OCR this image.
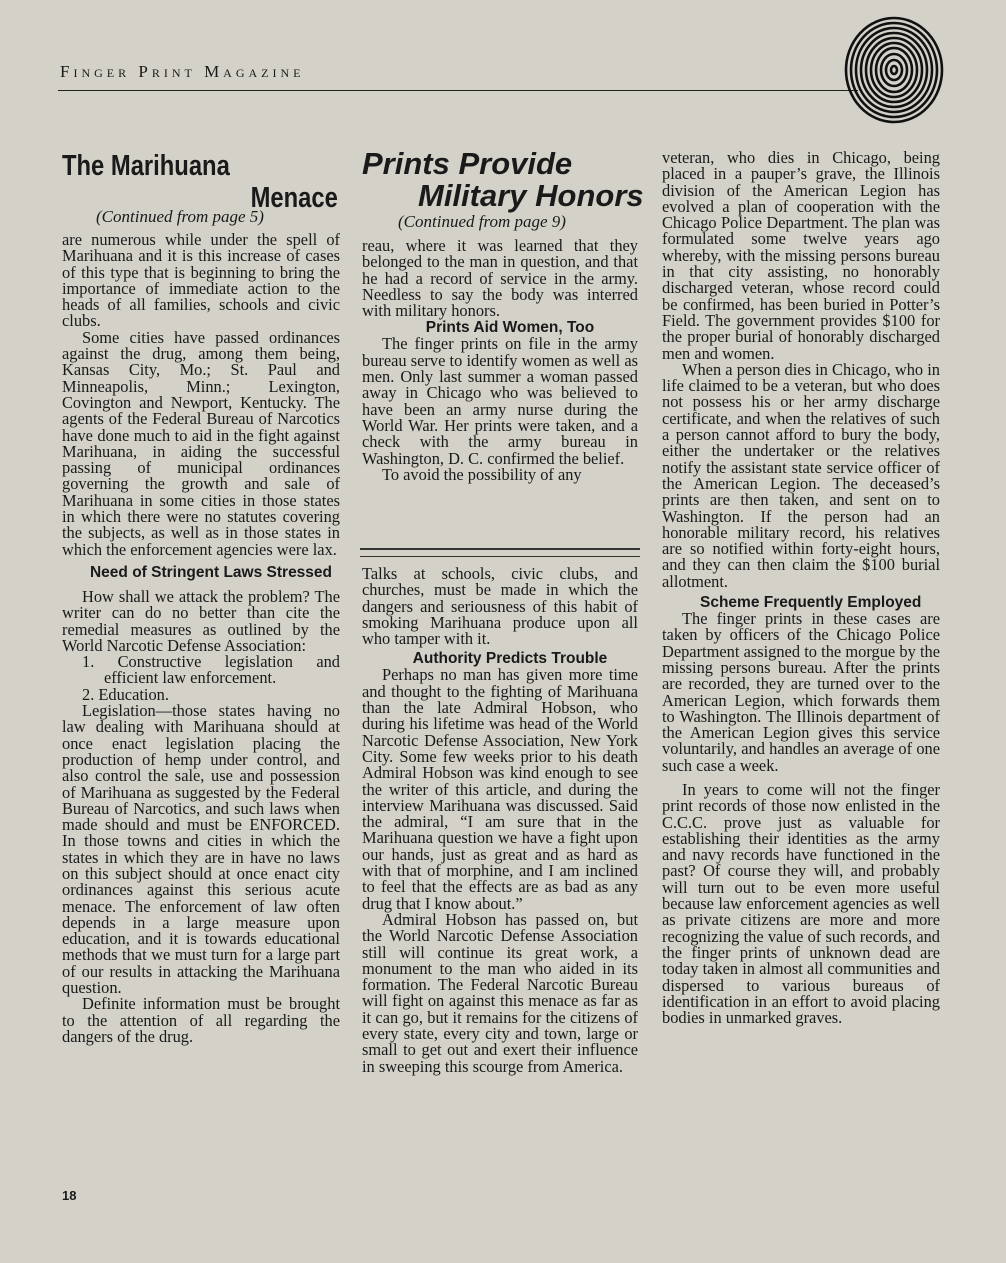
Finger Print Magazine
The Marihuana
Menace
(Continued from page 5)
Prints Provide

Military Honors
(Continued from page 9)

are numerous while under the spell of Marihuana and it is this increase of cases of this type that is beginning to bring the importance of immediate action to the heads of all families, schools and civic clubs.

Some cities have passed ordinances against the drug, among them being, Kansas City, Mo.; St. Paul and Minneapolis, Minn.; Lexington, Covington and Newport, Kentucky. The agents of the Federal Bureau of Narcotics have done much to aid in the fight against Marihuana, in aiding the successful passing of municipal ordinances governing the growth and sale of Marihuana in some cities in those states in which there were no statutes covering the subjects, as well as in those states in which the enforcement agencies were lax.

Need of Stringent Laws Stressed

How shall we attack the problem? The writer can do no better than cite the remedial measures as outlined by the World Narcotic Defense Association:

1. Constructive legislation and efficient law enforcement.

2. Education.

Legislation—those states having no law dealing with Marihuana should at once enact legislation placing the production of hemp under control, and also control the sale, use and possession of Marihuana as suggested by the Federal Bureau of Narcotics, and such laws when made should and must be ENFORCED. In those towns and cities in which the states in which they are in have no laws on this subject should at once enact city ordinances against this serious acute menace. The enforcement of law often depends in a large measure upon education, and it is towards educational methods that we must turn for a large part of our results in attacking the Marihuana question.

Definite information must be brought to the attention of all regarding the dangers of the drug.

reau, where it was learned that they belonged to the man in question, and that he had a record of service in the army. Needless to say the body was interred with military honors.

Prints Aid Women, Too

The finger prints on file in the army bureau serve to identify women as well as men. Only last summer a woman passed away in Chicago who was believed to have been an army nurse during the World War. Her prints were taken, and a check with the army bureau in Washington, D. C. confirmed the belief.

To avoid the possibility of any

Talks at schools, civic clubs, and churches, must be made in which the dangers and seriousness of this habit of smoking Marihuana produce upon all who tamper with it.

Authority Predicts Trouble

Perhaps no man has given more time and thought to the fighting of Marihuana than the late Admiral Hobson, who during his lifetime was head of the World Narcotic Defense Association, New York City. Some few weeks prior to his death Admiral Hobson was kind enough to see the writer of this article, and during the interview Marihuana was discussed. Said the admiral, “I am sure that in the Marihuana question we have a fight upon our hands, just as great and as hard as with that of morphine, and I am inclined to feel that the effects are as bad as any drug that I know about.”

Admiral Hobson has passed on, but the World Narcotic Defense Association still will continue its great work, a monument to the man who aided in its formation. The Federal Narcotic Bureau will fight on against this menace as far as it can go, but it remains for the citizens of every state, every city and town, large or small to get out and exert their influence in sweeping this scourge from America.

veteran, who dies in Chicago, being placed in a pauper’s grave, the Illinois division of the American Legion has evolved a plan of cooperation with the Chicago Police Department. The plan was formulated some twelve years ago whereby, with the missing persons bureau in that city assisting, no honorably discharged veteran, whose record could be confirmed, has been buried in Potter’s Field. The government provides $100 for the proper burial of honorably discharged men and women.

When a person dies in Chicago, who in life claimed to be a veteran, but who does not possess his or her army discharge certificate, and when the relatives of such a person cannot afford to bury the body, either the undertaker or the relatives notify the assistant state service officer of the American Legion. The deceased’s prints are then taken, and sent on to Washington. If the person had an honorable military record, his relatives are so notified within forty-eight hours, and they can then claim the $100 burial allotment.

Scheme Frequently Employed

The finger prints in these cases are taken by officers of the Chicago Police Department assigned to the morgue by the missing persons bureau. After the prints are recorded, they are turned over to the American Legion, which forwards them to Washington. The Illinois department of the American Legion gives this service voluntarily, and handles an average of one such case a week.

In years to come will not the finger print records of those now enlisted in the C.C.C. prove just as valuable for establishing their identities as the army and navy records have functioned in the past? Of course they will, and probably will turn out to be even more useful because law enforcement agencies as well as private citizens are more and more recognizing the value of such records, and the finger prints of unknown dead are today taken in almost all communities and dispersed to various bureaus of identification in an effort to avoid placing bodies in unmarked graves.

18
